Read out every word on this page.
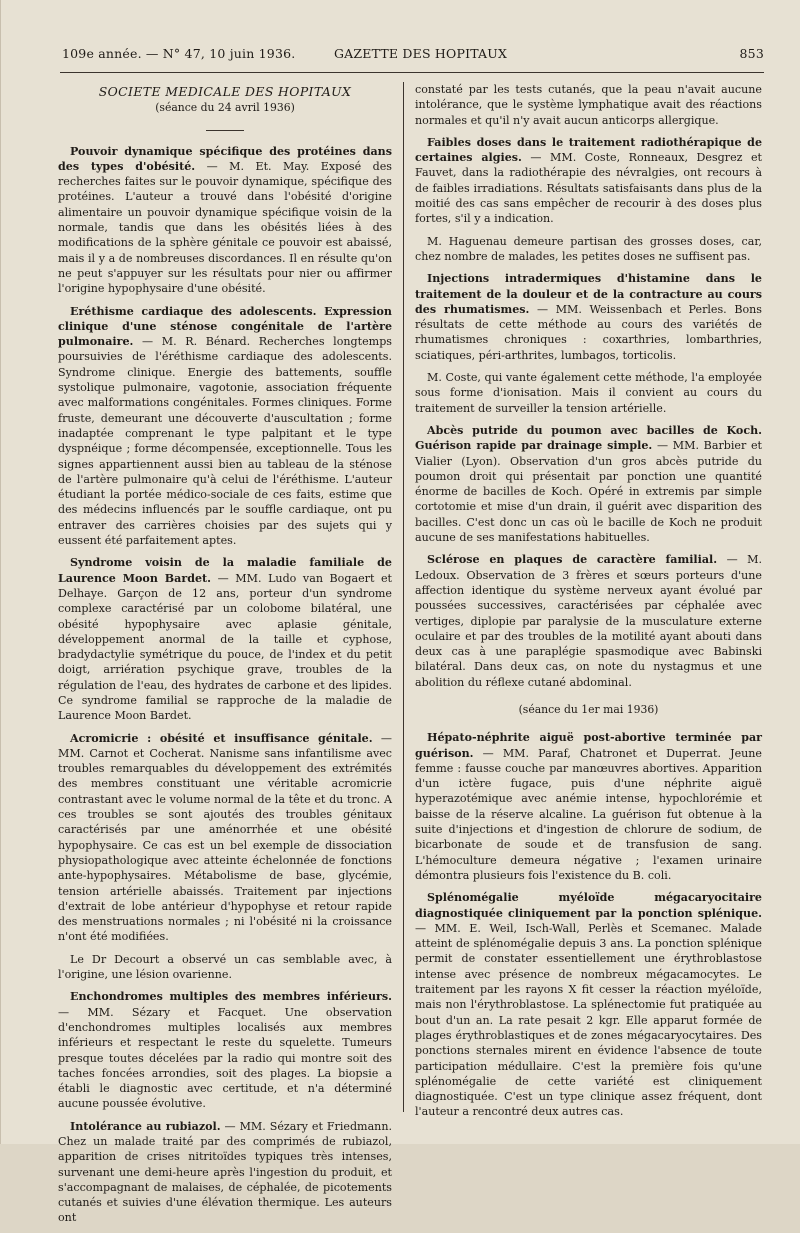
109e année. — N° 47, 10 juin 1936.	GAZETTE DES HOPITAUX	853
SOCIETE MEDICALE DES HOPITAUX
(séance du 24 avril 1936)

Pouvoir dynamique spécifique des protéines dans des types d'obésité. — M. Et. May. Exposé des recherches faites sur le pouvoir dynamique, spécifique des protéines. L'auteur a trouvé dans l'obésité d'origine alimentaire un pouvoir dynamique spécifique voisin de la normale, tandis que dans les obésités liées à des modifications de la sphère génitale ce pouvoir est abaissé, mais il y a de nombreuses discordances. Il en résulte qu'on ne peut s'appuyer sur les résultats pour nier ou affirmer l'origine hypophysaire d'une obésité.

Eréthisme cardiaque des adolescents. Expression clinique d'une sténose congénitale de l'artère pulmonaire. — M. R. Bénard. Recherches longtemps poursuivies de l'éréthisme cardiaque des adolescents. Syndrome clinique. Energie des battements, souffle systolique pulmonaire, vagotonie, association fréquente avec malformations congénitales. Formes cliniques. Forme fruste, demeurant une découverte d'auscultation ; forme inadaptée comprenant le type palpitant et le type dyspnéique ; forme décompensée, exceptionnelle. Tous les signes appartiennent aussi bien au tableau de la sténose de l'artère pulmonaire qu'à celui de l'éréthisme. L'auteur étudiant la portée médico-sociale de ces faits, estime que des médecins influencés par le souffle cardiaque, ont pu entraver des carrières choisies par des sujets qui y eussent été parfaitement aptes.

Syndrome voisin de la maladie familiale de Laurence Moon Bardet. — MM. Ludo van Bogaert et Delhaye. Garçon de 12 ans, porteur d'un syndrome complexe caractérisé par un colobome bilatéral, une obésité hypophysaire avec aplasie génitale, développement anormal de la taille et cyphose, bradydactylie symétrique du pouce, de l'index et du petit doigt, arriération psychique grave, troubles de la régulation de l'eau, des hydrates de carbone et des lipides. Ce syndrome familial se rapproche de la maladie de Laurence Moon Bardet.

Acromicrie : obésité et insuffisance génitale. — MM. Carnot et Cocherat. Nanisme sans infantilisme avec troubles remarquables du développement des extrémités des membres constituant une véritable acromicrie contrastant avec le volume normal de la tête et du tronc. A ces troubles se sont ajoutés des troubles génitaux caractérisés par une aménorrhée et une obésité hypophysaire. Ce cas est un bel exemple de dissociation physiopathologique avec atteinte échelonnée de fonctions ante-hypophysaires. Métabolisme de base, glycémie, tension artérielle abaissés. Traitement par injections d'extrait de lobe antérieur d'hypophyse et retour rapide des menstruations normales ; ni l'obésité ni la croissance n'ont été modifiées.

Le Dr Decourt a observé un cas semblable avec, à l'origine, une lésion ovarienne.

Enchondromes multiples des membres inférieurs. — MM. Sézary et Facquet. Une observation d'enchondromes multiples localisés aux membres inférieurs et respectant le reste du squelette. Tumeurs presque toutes décelées par la radio qui montre soit des taches foncées arrondies, soit des plages. La biopsie a établi le diagnostic avec certitude, et n'a déterminé aucune poussée évolutive.

Intolérance au rubiazol. — MM. Sézary et Friedmann. Chez un malade traité par des comprimés de rubiazol, apparition de crises nitritoïdes typiques très intenses, survenant une demi-heure après l'ingestion du produit, et s'accompagnant de malaises, de céphalée, de picotements cutanés et suivies d'une élévation thermique. Les auteurs ont

constaté par les tests cutanés, que la peau n'avait aucune intolérance, que le système lymphatique avait des réactions normales et qu'il n'y avait aucun anticorps allergique.

Faibles doses dans le traitement radiothérapique de certaines algies. — MM. Coste, Ronneaux, Desgrez et Fauvet, dans la radiothérapie des névralgies, ont recours à de faibles irradiations. Résultats satisfaisants dans plus de la moitié des cas sans empêcher de recourir à des doses plus fortes, s'il y a indication.

M. Haguenau demeure partisan des grosses doses, car, chez nombre de malades, les petites doses ne suffisent pas.

Injections intradermiques d'histamine dans le traitement de la douleur et de la contracture au cours des rhumatismes. — MM. Weissenbach et Perles. Bons résultats de cette méthode au cours des variétés de rhumatismes chroniques : coxarthries, lombarthries, sciatiques, péri-arthrites, lumbagos, torticolis.

M. Coste, qui vante également cette méthode, l'a employée sous forme d'ionisation. Mais il convient au cours du traitement de surveiller la tension artérielle.

Abcès putride du poumon avec bacilles de Koch. Guérison rapide par drainage simple. — MM. Barbier et Vialier (Lyon). Observation d'un gros abcès putride du poumon droit qui présentait par ponction une quantité énorme de bacilles de Koch. Opéré in extremis par simple cortotomie et mise d'un drain, il guérit avec disparition des bacilles. C'est donc un cas où le bacille de Koch ne produit aucune de ses manifestations habituelles.

Sclérose en plaques de caractère familial. — M. Ledoux. Observation de 3 frères et sœurs porteurs d'une affection identique du système nerveux ayant évolué par poussées successives, caractérisées par céphalée avec vertiges, diplopie par paralysie de la musculature externe oculaire et par des troubles de la motilité ayant abouti dans deux cas à une paraplégie spasmodique avec Babinski bilatéral. Dans deux cas, on note du nystagmus et une abolition du réflexe cutané abdominal.

(séance du 1er mai 1936)

Hépato-néphrite aiguë post-abortive terminée par guérison. — MM. Paraf, Chatronet et Duperrat. Jeune femme : fausse couche par manœuvres abortives. Apparition d'un ictère fugace, puis d'une néphrite aiguë hyperazotémique avec anémie intense, hypochlorémie et baisse de la réserve alcaline. La guérison fut obtenue à la suite d'injections et d'ingestion de chlorure de sodium, de bicarbonate de soude et de transfusion de sang. L'hémoculture demeura négative ; l'examen urinaire démontra plusieurs fois l'existence du B. coli.

Splénomégalie myéloïde mégacaryocitaire diagnostiquée cliniquement par la ponction splénique. — MM. E. Weil, Isch-Wall, Perlès et Scemanec. Malade atteint de splénomégalie depuis 3 ans. La ponction splénique permit de constater essentiellement une érythroblastose intense avec présence de nombreux mégacamocytes. Le traitement par les rayons X fit cesser la réaction myéloïde, mais non l'érythroblastose. La splénectomie fut pratiquée au bout d'un an. La rate pesait 2 kgr. Elle apparut formée de plages érythroblastiques et de zones mégacaryocytaires. Des ponctions sternales mirent en évidence l'absence de toute participation médullaire. C'est la première fois qu'une splénomégalie de cette variété est cliniquement diagnostiquée. C'est un type clinique assez fréquent, dont l'auteur a rencontré deux autres cas.
